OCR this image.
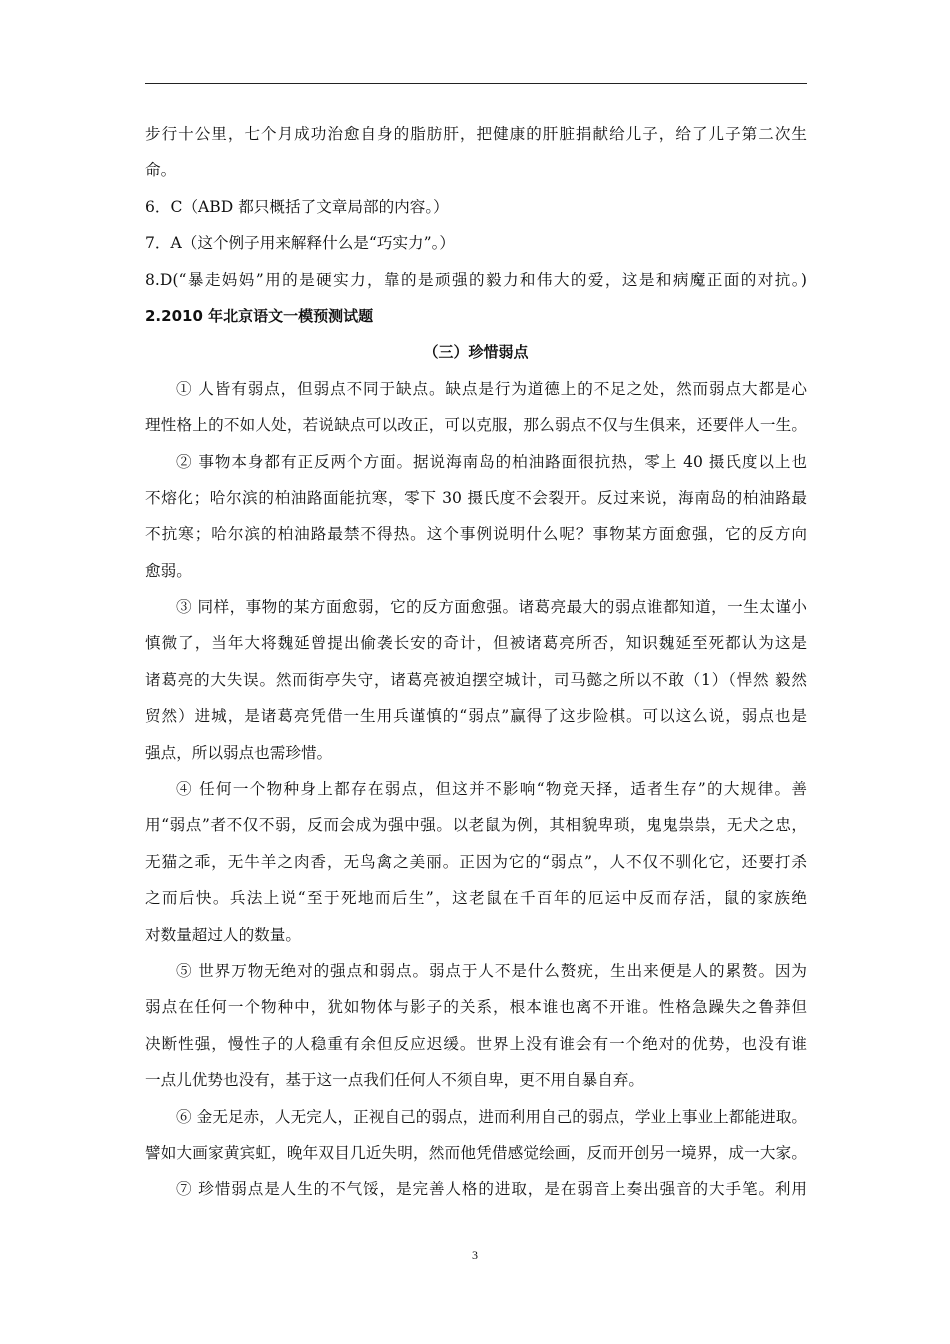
步行十公里，七个月成功治愈自身的脂肪肝，把健康的肝脏捐献给儿子，给了儿子第二次生
命。
6．C（ABD 都只概括了文章局部的内容。）
7．A（这个例子用来解释什么是“巧实力”。）
8.D(“暴走妈妈”用的是硬实力，靠的是顽强的毅力和伟大的爱，这是和病魔正面的对抗。)
2.2010 年北京语文一模预测试题
（三）珍惜弱点
① 人皆有弱点，但弱点不同于缺点。缺点是行为道德上的不足之处，然而弱点大都是心
理性格上的不如人处，若说缺点可以改正，可以克服，那么弱点不仅与生俱来，还要伴人一生。
② 事物本身都有正反两个方面。据说海南岛的柏油路面很抗热，零上 40 摄氏度以上也
不熔化；哈尔滨的柏油路面能抗寒，零下 30 摄氏度不会裂开。反过来说，海南岛的柏油路最
不抗寒；哈尔滨的柏油路最禁不得热。这个事例说明什么呢？事物某方面愈强，它的反方向
愈弱。
③ 同样，事物的某方面愈弱，它的反方面愈强。诸葛亮最大的弱点谁都知道，一生太谨小
慎微了，当年大将魏延曾提出偷袭长安的奇计，但被诸葛亮所否，知识魏延至死都认为这是
诸葛亮的大失误。然而街亭失守，诸葛亮被迫摆空城计，司马懿之所以不敢（1）（悍然 毅然
贸然）进城，是诸葛亮凭借一生用兵谨慎的“弱点”赢得了这步险棋。可以这么说，弱点也是
强点，所以弱点也需珍惜。
④ 任何一个物种身上都存在弱点，但这并不影响“物竞天择，适者生存”的大规律。善
用“弱点”者不仅不弱，反而会成为强中强。以老鼠为例，其相貌卑琐，鬼鬼祟祟，无犬之忠，
无猫之乖，无牛羊之肉香，无鸟禽之美丽。正因为它的“弱点”，人不仅不驯化它，还要打杀
之而后快。兵法上说“至于死地而后生”，这老鼠在千百年的厄运中反而存活，鼠的家族绝
对数量超过人的数量。
⑤ 世界万物无绝对的强点和弱点。弱点于人不是什么赘疣，生出来便是人的累赘。因为
弱点在任何一个物种中，犹如物体与影子的关系，根本谁也离不开谁。性格急躁失之鲁莽但
决断性强，慢性子的人稳重有余但反应迟缓。世界上没有谁会有一个绝对的优势，也没有谁
一点儿优势也没有，基于这一点我们任何人不须自卑，更不用自暴自弃。
⑥ 金无足赤，人无完人，正视自己的弱点，进而利用自己的弱点，学业上事业上都能进取。
譬如大画家黄宾虹，晚年双目几近失明，然而他凭借感觉绘画，反而开创另一境界，成一大家。
⑦ 珍惜弱点是人生的不气馁，是完善人格的进取，是在弱音上奏出强音的大手笔。利用
3
